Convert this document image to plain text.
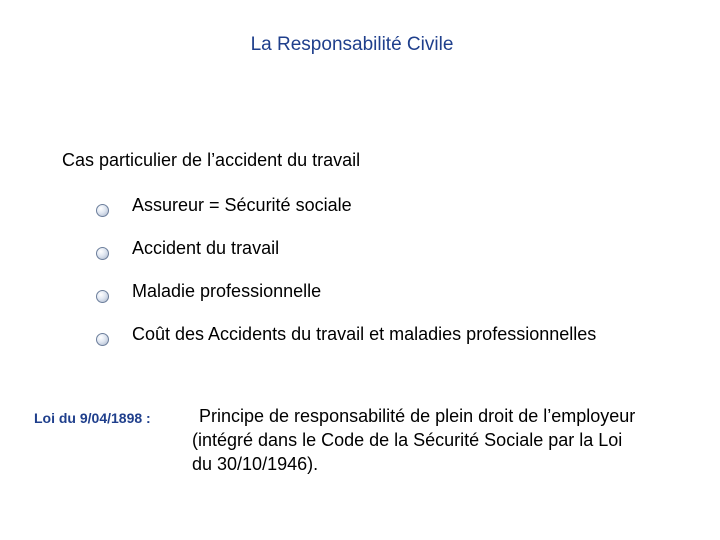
La Responsabilité Civile
Cas particulier de l’accident du travail
Assureur = Sécurité sociale
Accident du travail
Maladie professionnelle
Coût des Accidents du travail et maladies professionnelles
Loi du 9/04/1898 :	Principe de responsabilité de plein droit de l’employeur
(intégré dans le Code de la Sécurité Sociale par la Loi
du 30/10/1946).
